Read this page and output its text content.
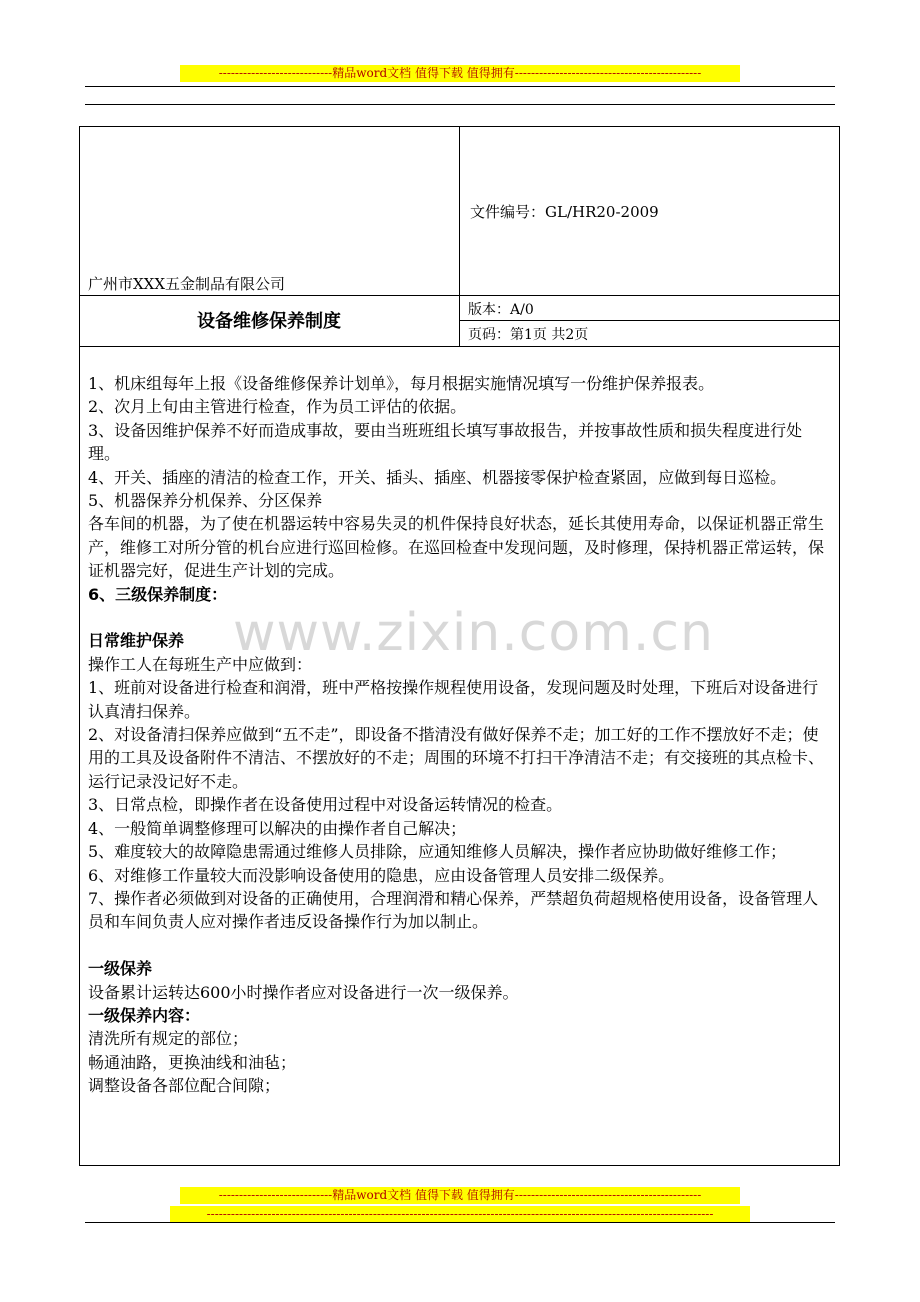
----------------------------精品word文档 值得下载 值得拥有----------------------------------------------
广州市XXX五金制品有限公司
文件编号：GL/HR20-2009
设备维修保养制度
版本：A/0
页码：第1页 共2页
www.zixin.com.cn

1、机床组每年上报《设备维修保养计划单》，每月根据实施情况填写一份维护保养报表。

2、次月上旬由主管进行检查，作为员工评估的依据。

3、设备因维护保养不好而造成事故，要由当班班组长填写事故报告，并按事故性质和损失程度进行处理。

4、开关、插座的清洁的检查工作，开关、插头、插座、机器接零保护检查紧固，应做到每日巡检。

5、机器保养分机保养、分区保养

各车间的机器，为了使在机器运转中容易失灵的机件保持良好状态，延长其使用寿命，以保证机器正常生产，维修工对所分管的机台应进行巡回检修。在巡回检查中发现问题，及时修理，保持机器正常运转，保证机器完好，促进生产计划的完成。

6、三级保养制度：

日常维护保养

操作工人在每班生产中应做到：

1、班前对设备进行检查和润滑，班中严格按操作规程使用设备，发现问题及时处理，下班后对设备进行认真清扫保养。

2、对设备清扫保养应做到“五不走”，即设备不揩清没有做好保养不走；加工好的工作不摆放好不走；使用的工具及设备附件不清洁、不摆放好的不走；周围的环境不打扫干净清洁不走；有交接班的其点检卡、运行记录没记好不走。

3、日常点检，即操作者在设备使用过程中对设备运转情况的检查。

4、一般简单调整修理可以解决的由操作者自己解决；

5、难度较大的故障隐患需通过维修人员排除，应通知维修人员解决，操作者应协助做好维修工作；

6、对维修工作量较大而没影响设备使用的隐患，应由设备管理人员安排二级保养。

7、操作者必须做到对设备的正确使用，合理润滑和精心保养，严禁超负荷超规格使用设备，设备管理人员和车间负责人应对操作者违反设备操作行为加以制止。

一级保养

设备累计运转达600小时操作者应对设备进行一次一级保养。

一级保养内容：

清洗所有规定的部位；

畅通油路，更换油线和油毡；

调整设备各部位配合间隙；

----------------------------精品word文档 值得下载 值得拥有----------------------------------------------
-----------------------------------------------------------------------------------------------------------------------------
